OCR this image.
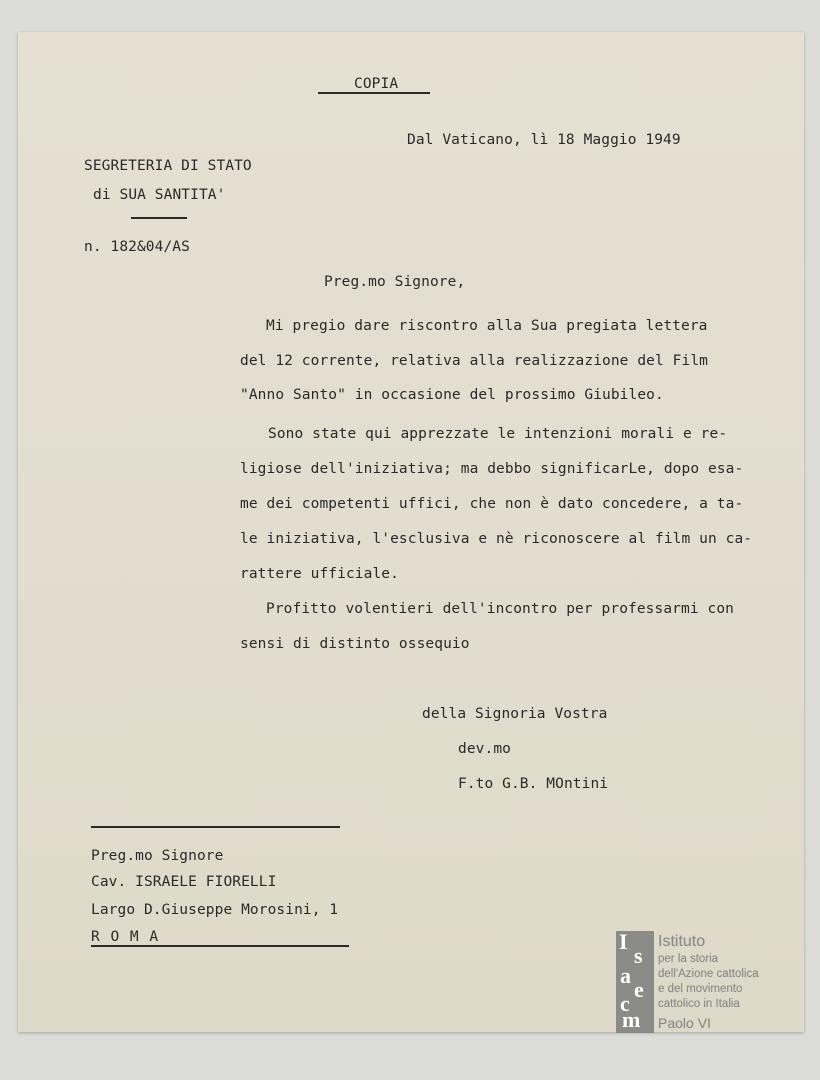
COPIA
Dal Vaticano, lì 18 Maggio 1949
SEGRETERIA DI STATO
di SUA SANTITA'
n. 182&04/AS
Preg.mo Signore,
Mi pregio dare riscontro alla Sua pregiata lettera
del 12 corrente, relativa alla realizzazione del Film
"Anno Santo" in occasione del prossimo Giubileo.
Sono state qui apprezzate le intenzioni morali e re-
ligiose dell'iniziativa; ma debbo significarLe, dopo esa-
me dei competenti uffici, che non è dato concedere, a ta-
le iniziativa, l'esclusiva e nè riconoscere al film un ca-
rattere ufficiale.
Profitto volentieri dell'incontro per professarmi con
sensi di distinto ossequio
della Signoria Vostra
dev.mo
F.to G.B. MOntini
Preg.mo Signore
Cav. ISRAELE FIORELLI
Largo D.Giuseppe Morosini, 1
R O M A	I
s
a
e
c
m
Istituto
per la storia
dell'Azione cattolica
e del movimento
cattolico in Italia
Paolo VI
